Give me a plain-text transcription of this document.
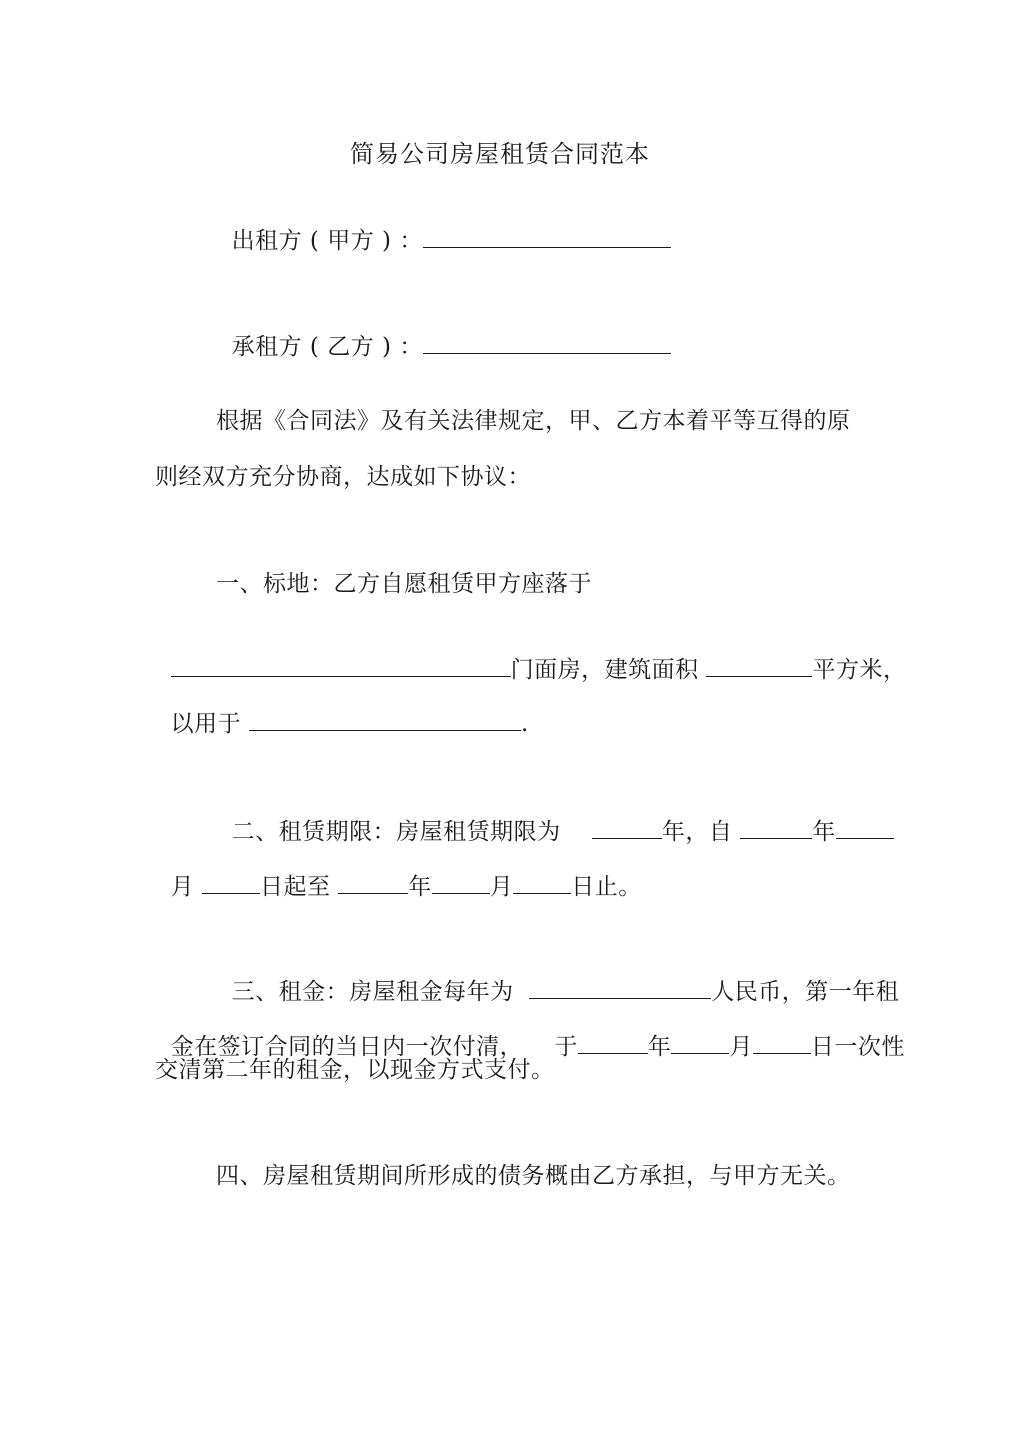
简易公司房屋租赁合同范本

出租方 ( 甲方 ) ：

承租方 ( 乙方 ) ：

根据《合同法》及有关法律规定，甲、乙方本着平等互得的原
则经双方充分协商，达成如下协议：
一、标地：乙方自愿租赁甲方座落于

门面房，建筑面积	平方米，

以用于	.

二、租赁期限：房屋租赁期限为	年，自	年

月	日起至	年	月	日止。

三、租金：房屋租金每年为	人民币，第一年租

金在签订合同的当日内一次付清， 于	年	月	日一次性

交清第二年的租金，以现金方式支付。
四、房屋租赁期间所形成的债务概由乙方承担，与甲方无关。
